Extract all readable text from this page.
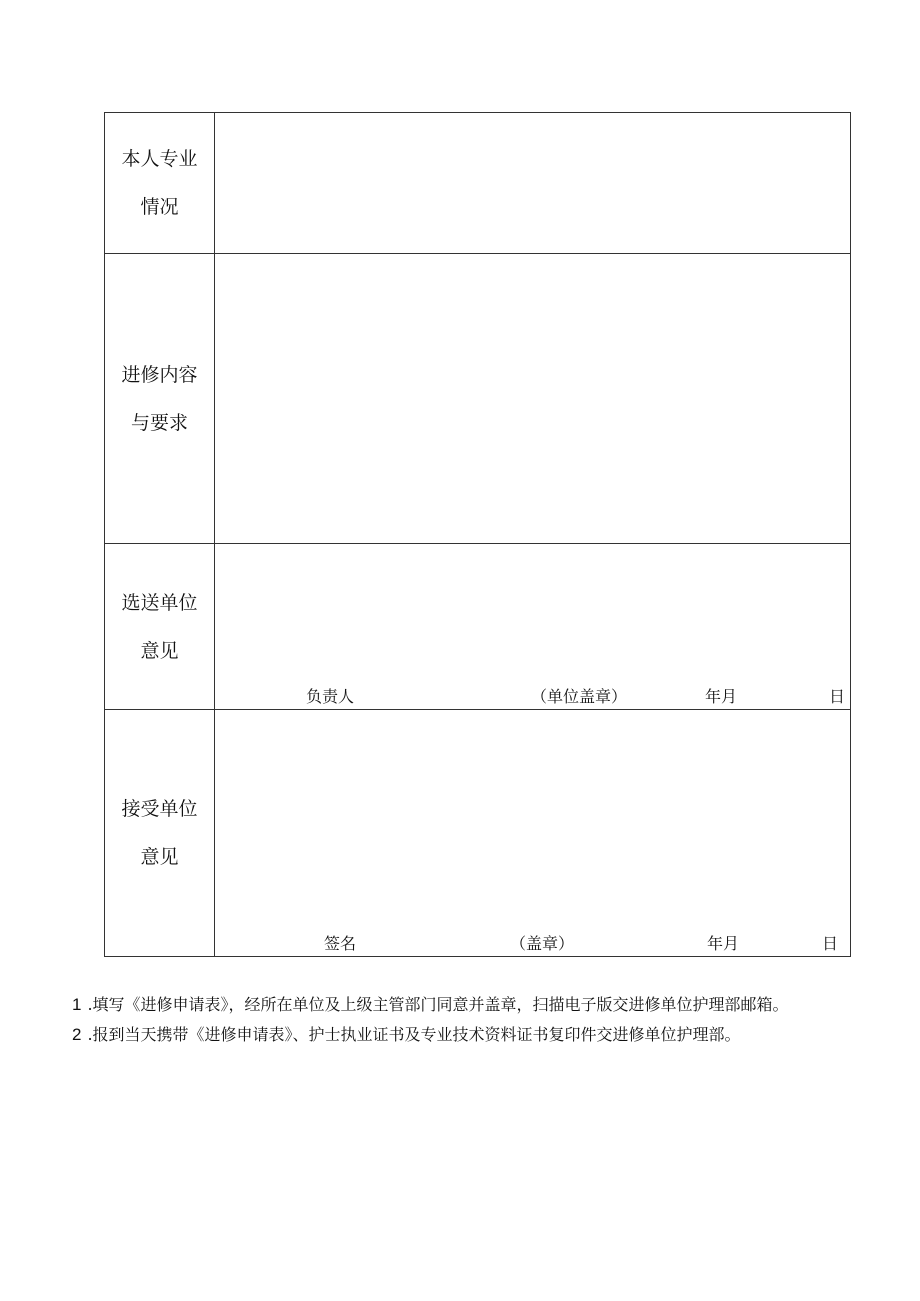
本人专业
情况	

进修内容
与要求	

选送单位
意见	负责人 （单位盖章） 年月 日

接受单位
意见	签名 （盖章） 年月 日
1 .填写《进修申请表》，经所在单位及上级主管部门同意并盖章，扫描电子版交进修单位护理部邮箱。
2 .报到当天携带《进修申请表》、护士执业证书及专业技术资料证书复印件交进修单位护理部。
